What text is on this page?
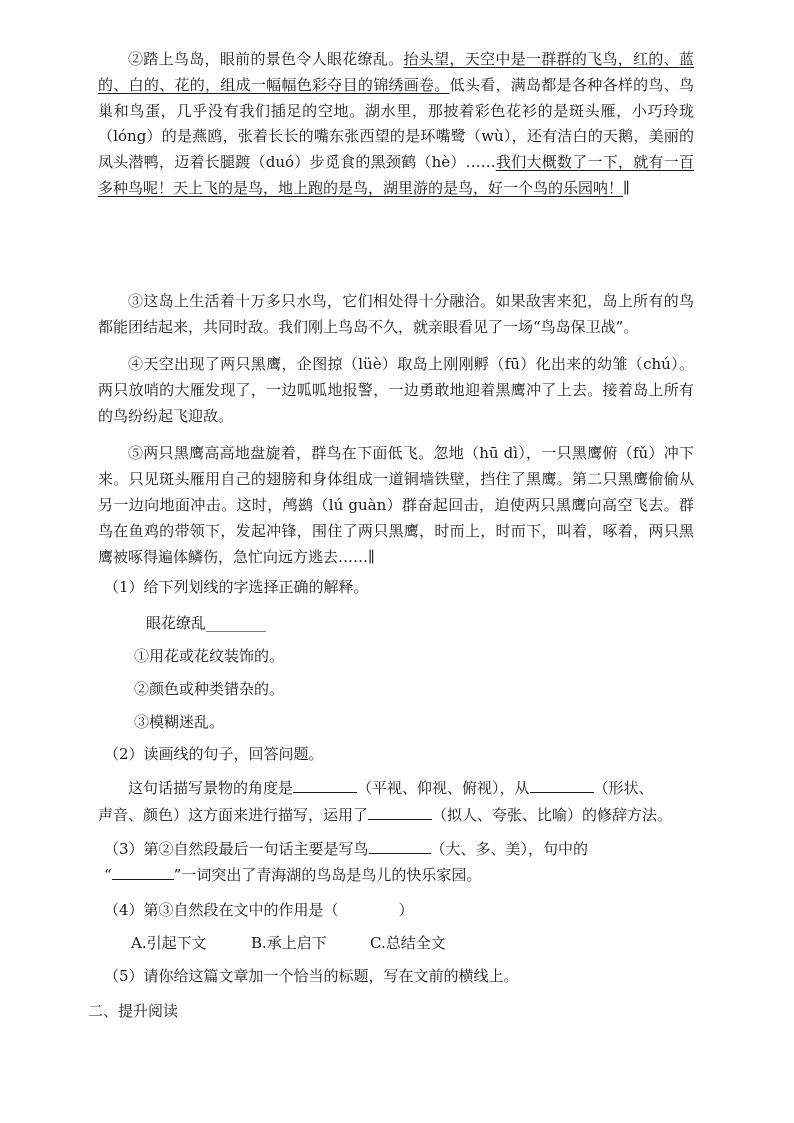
②踏上鸟岛，眼前的景色令人眼花缭乱。抬头望，天空中是一群群的飞鸟，红的、蓝的、白的、花的，组成一幅幅色彩夺目的锦绣画卷。低头看，满岛都是各种各样的鸟、鸟巢和鸟蛋，几乎没有我们插足的空地。湖水里，那披着彩色花衫的是斑头雁，小巧玲珑（lóng）的是燕鸥，张着长长的嘴东张西望的是环嘴鹭（wù），还有洁白的天鹅，美丽的凤头潜鸭，迈着长腿踱（duó）步觅食的黑颈鹤（hè）……我们大概数了一下，就有一百多种鸟呢！天上飞的是鸟，地上跑的是鸟，湖里游的是鸟，好一个鸟的乐园呐！∥

③这岛上生活着十万多只水鸟，它们相处得十分融洽。如果敌害来犯，岛上所有的鸟都能团结起来，共同时敌。我们刚上鸟岛不久，就亲眼看见了一场“鸟岛保卫战”。

④天空出现了两只黑鹰，企图掠（lüè）取岛上刚刚孵（fū）化出来的幼雏（chú）。两只放哨的大雁发现了，一边呱呱地报警，一边勇敢地迎着黑鹰冲了上去。接着岛上所有的鸟纷纷起飞迎敌。

⑤两只黑鹰高高地盘旋着，群鸟在下面低飞。忽地（hū dì），一只黑鹰俯（fǔ）冲下来。只见斑头雁用自己的翅膀和身体组成一道铜墙铁壁，挡住了黑鹰。第二只黑鹰偷偷从另一边向地面冲击。这时，鸬鹚（lú guàn）群奋起回击，迫使两只黑鹰向高空飞去。群鸟在鱼鸡的带领下，发起冲锋，围住了两只黑鹰，时而上，时而下，叫着，啄着，两只黑鹰被啄得遍体鳞伤，急忙向远方逃去……∥

（1）给下列划线的字选择正确的解释。

眼花缭乱________

①用花或花纹装饰的。

②颜色或种类错杂的。

③模糊迷乱。

（2）读画线的句子，回答问题。

这句话描写景物的角度是	（平视、仰视、俯视），从	（形状、

声音、颜色）这方面来进行描写，运用了	（拟人、夸张、比喻）的修辞方法。

（3）第②自然段最后一句话主要是写鸟	（大、多、美），句中的

“	”一词突出了青海湖的鸟岛是鸟儿的快乐家园。

（4）第③自然段在文中的作用是（	）

A.引起下文	B.承上启下	C.总结全文

（5）请你给这篇文章加一个恰当的标题，写在文前的横线上。

二、提升阅读
